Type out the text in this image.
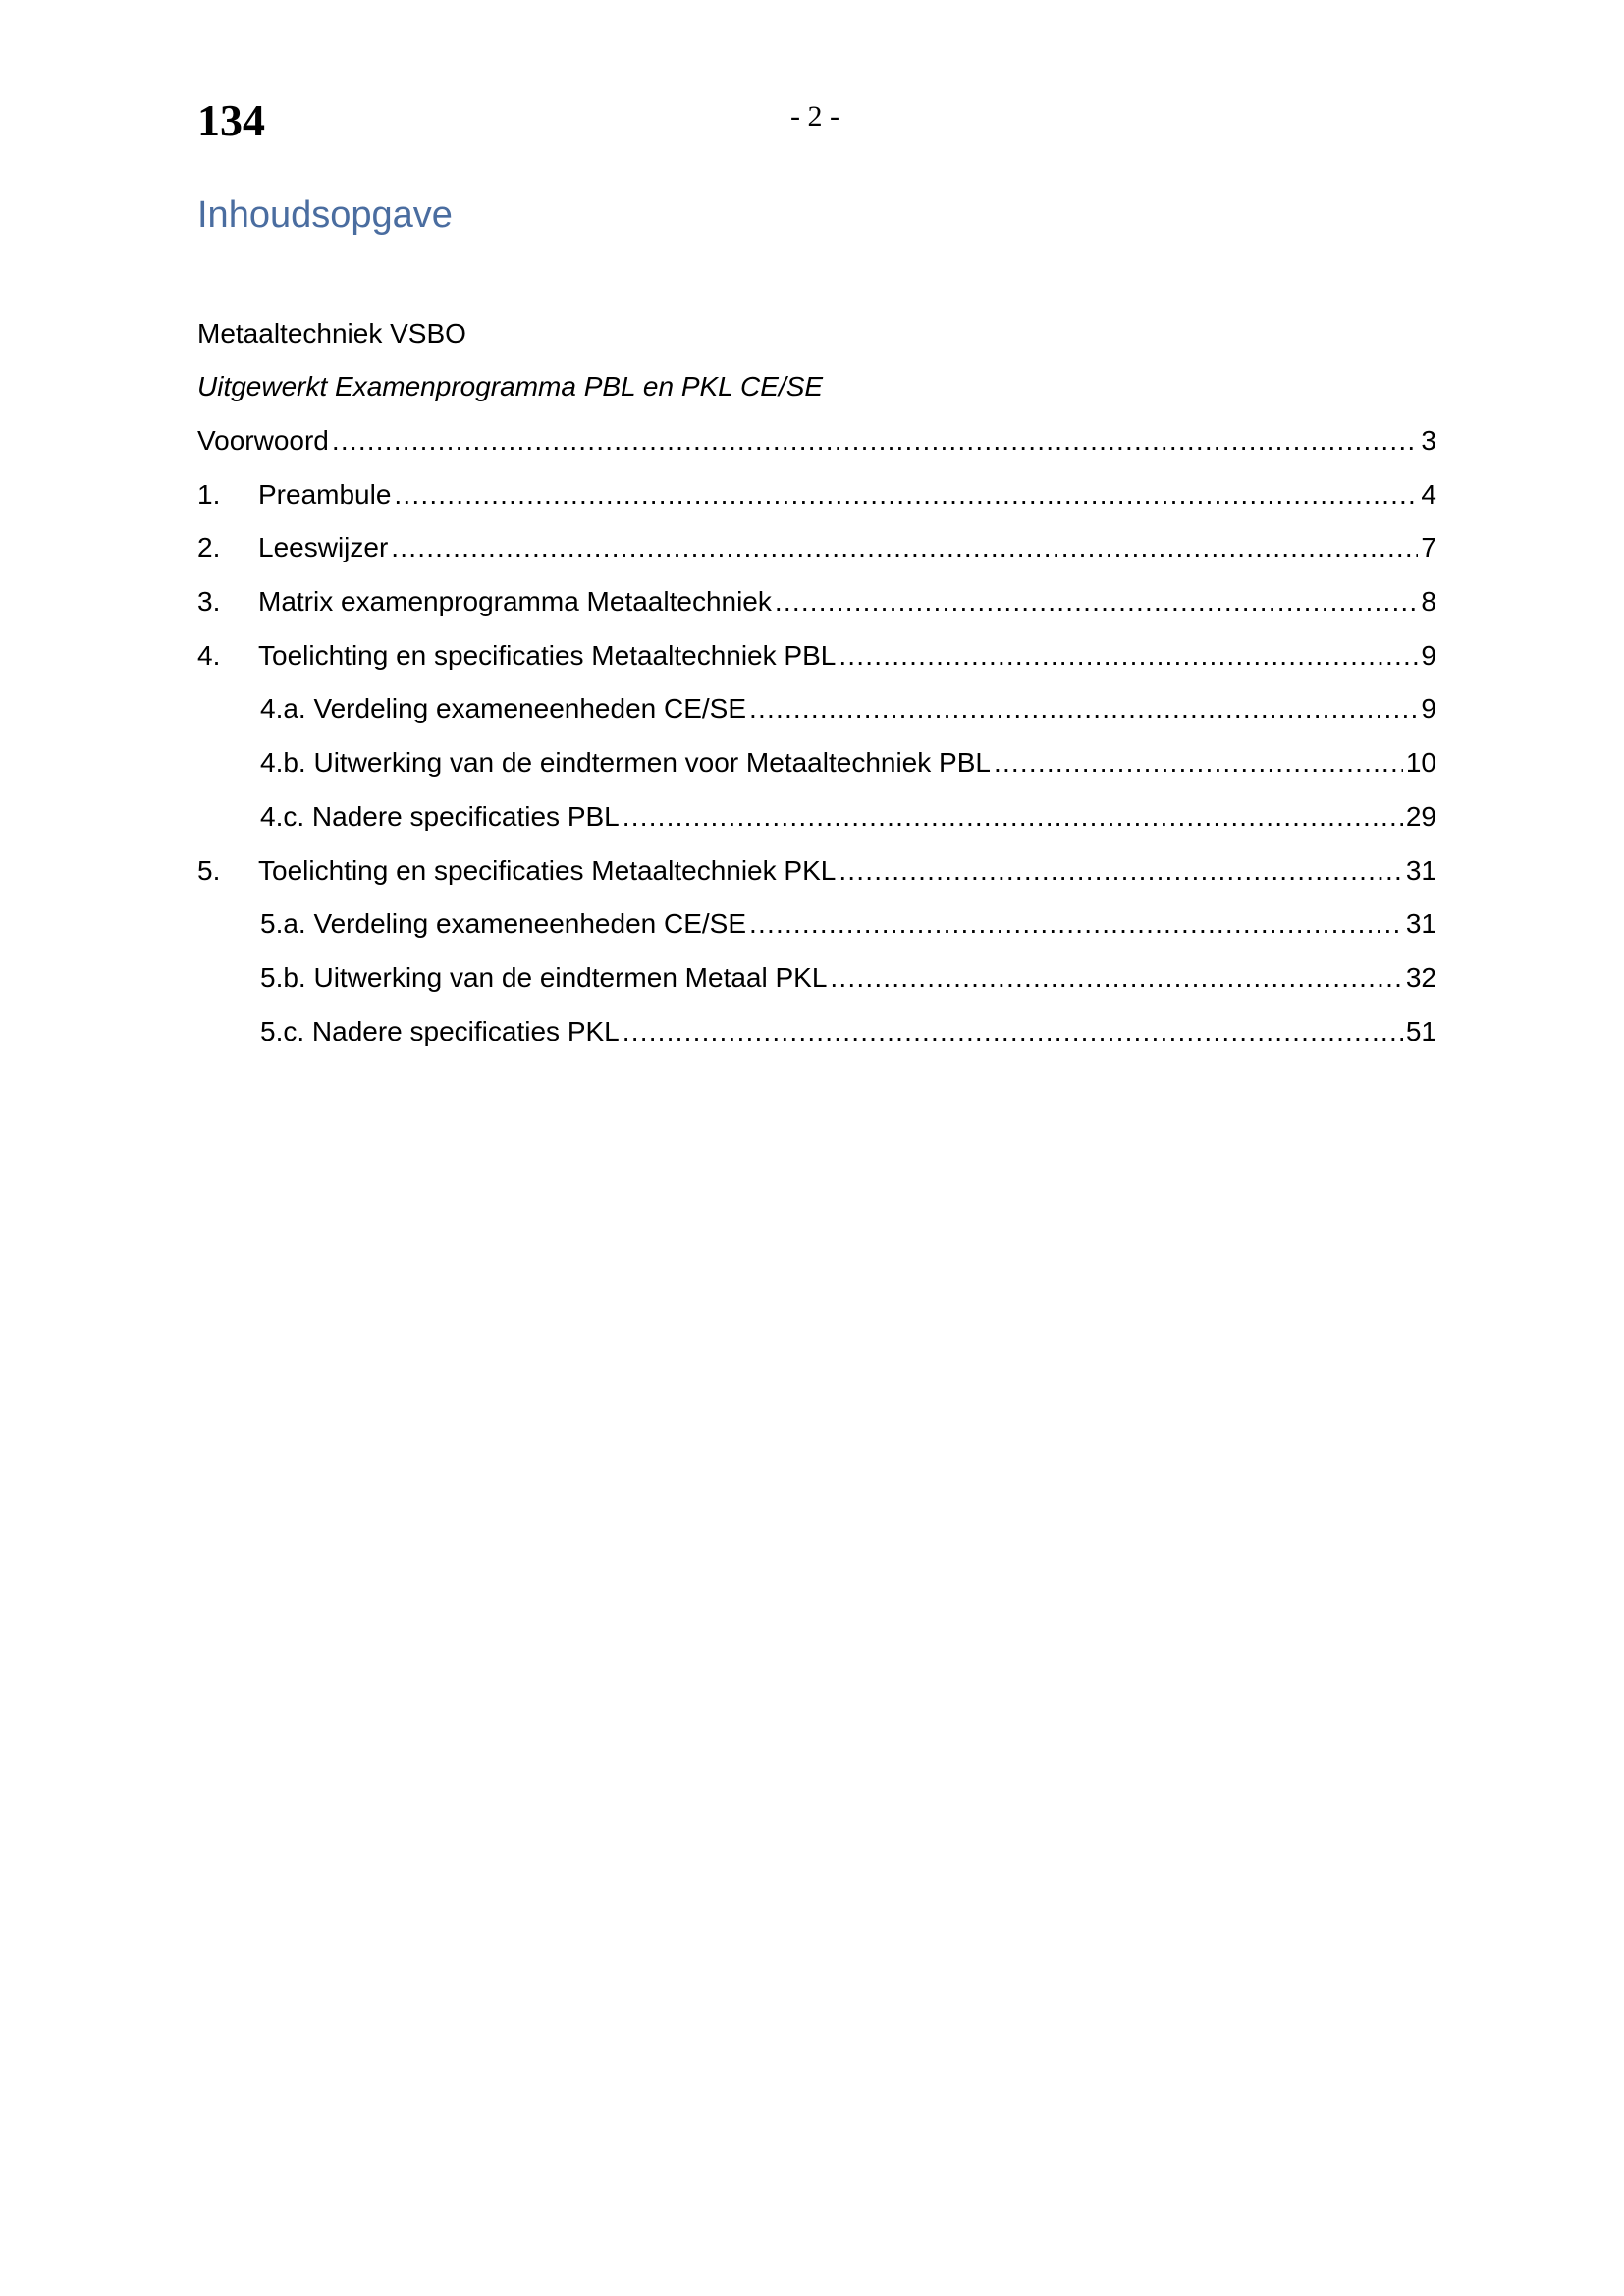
134	- 2 -
Inhoudsopgave
Metaaltechniek VSBO
Uitgewerkt Examenprogramma PBL en PKL CE/SE
Voorwoord .....	3
1.	Preambule .....	4
2.	Leeswijzer .....	7
3.	Matrix examenprogramma Metaaltechniek .....	8
4.	Toelichting en specificaties Metaaltechniek PBL .....	9
4.a. Verdeling exameneenheden CE/SE .....	9
4.b. Uitwerking van de eindtermen voor Metaaltechniek PBL .....	10
4.c. Nadere specificaties PBL .....	29
5.	Toelichting en specificaties Metaaltechniek PKL .....	31
5.a. Verdeling exameneenheden CE/SE .....	31
5.b. Uitwerking van de eindtermen Metaal PKL .....	32
5.c. Nadere specificaties PKL .....	51
